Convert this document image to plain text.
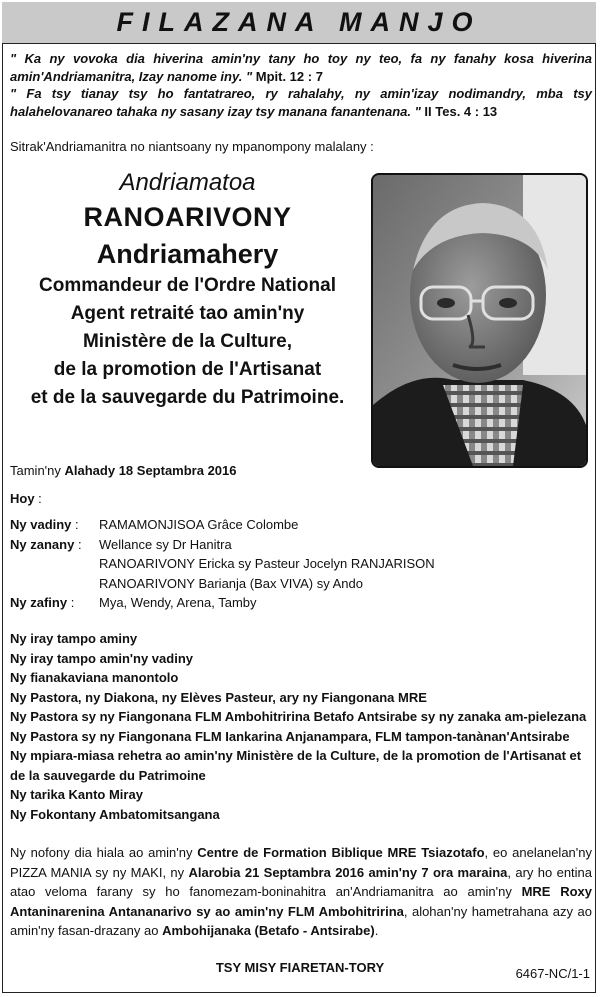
FILAZANA MANJO
" Ka ny vovoka dia hiverina amin'ny tany ho toy ny teo, fa ny fanahy kosa hiverina amin'Andriamanitra, Izay nanome iny. " Mpit. 12 : 7
" Fa tsy tianay tsy ho fantatrareo, ry rahalahy, ny amin'izay nodimandry, mba tsy halahelovanareo tahaka ny sasany izay tsy manana fanantenana. " II Tes. 4 : 13
Sitrak'Andriamanitra no niantsoany ny mpanompony malalany :
Andriamatoa
RANOARIVONY
Andriamahery
Commandeur de l'Ordre National
Agent retraité tao amin'ny
Ministère de la Culture,
de la promotion de l'Artisanat
et de la sauvegarde du Patrimoine.
Tamin'ny Alahady 18 Septambra 2016
Hoy :
Ny vadiny :	RAMAMONJISOA Grâce Colombe
Ny zanany :	Wellance sy Dr Hanitra
RANOARIVONY Ericka sy Pasteur Jocelyn RANJARISON
RANOARIVONY Barianja (Bax VIVA) sy Ando
Ny zafiny :	Mya, Wendy, Arena, Tamby
Ny iray tampo aminy
Ny iray tampo amin'ny vadiny
Ny fianakaviana manontolo
Ny Pastora, ny Diakona, ny Elèves Pasteur, ary ny Fiangonana MRE
Ny Pastora sy ny Fiangonana FLM Ambohitririna Betafo Antsirabe sy ny zanaka am-pielezana
Ny Pastora sy ny Fiangonana FLM Iankarina Anjanampara, FLM tampon-tanànan'Antsirabe
Ny mpiara-miasa rehetra ao amin'ny Ministère de la Culture, de la promotion de l'Artisanat et de la sauvegarde du Patrimoine
Ny tarika Kanto Miray
Ny Fokontany Ambatomitsangana
Ny nofony dia hiala ao amin'ny Centre de Formation Biblique MRE Tsiazotafo, eo anelanelan'ny PIZZA MANIA sy ny MAKI, ny Alarobia 21 Septambra 2016 amin'ny 7 ora maraina, ary ho entina atao veloma farany sy ho fanomezam-boninahitra an'Andriamanitra ao amin'ny MRE Roxy Antaninarenina Antananarivo sy ao amin'ny FLM Ambohitririna, alohan'ny hametrahana azy ao amin'ny fasan-drazany ao Ambohijanaka (Betafo - Antsirabe).
TSY MISY FIARETAN-TORY	6467-NC/1-1
